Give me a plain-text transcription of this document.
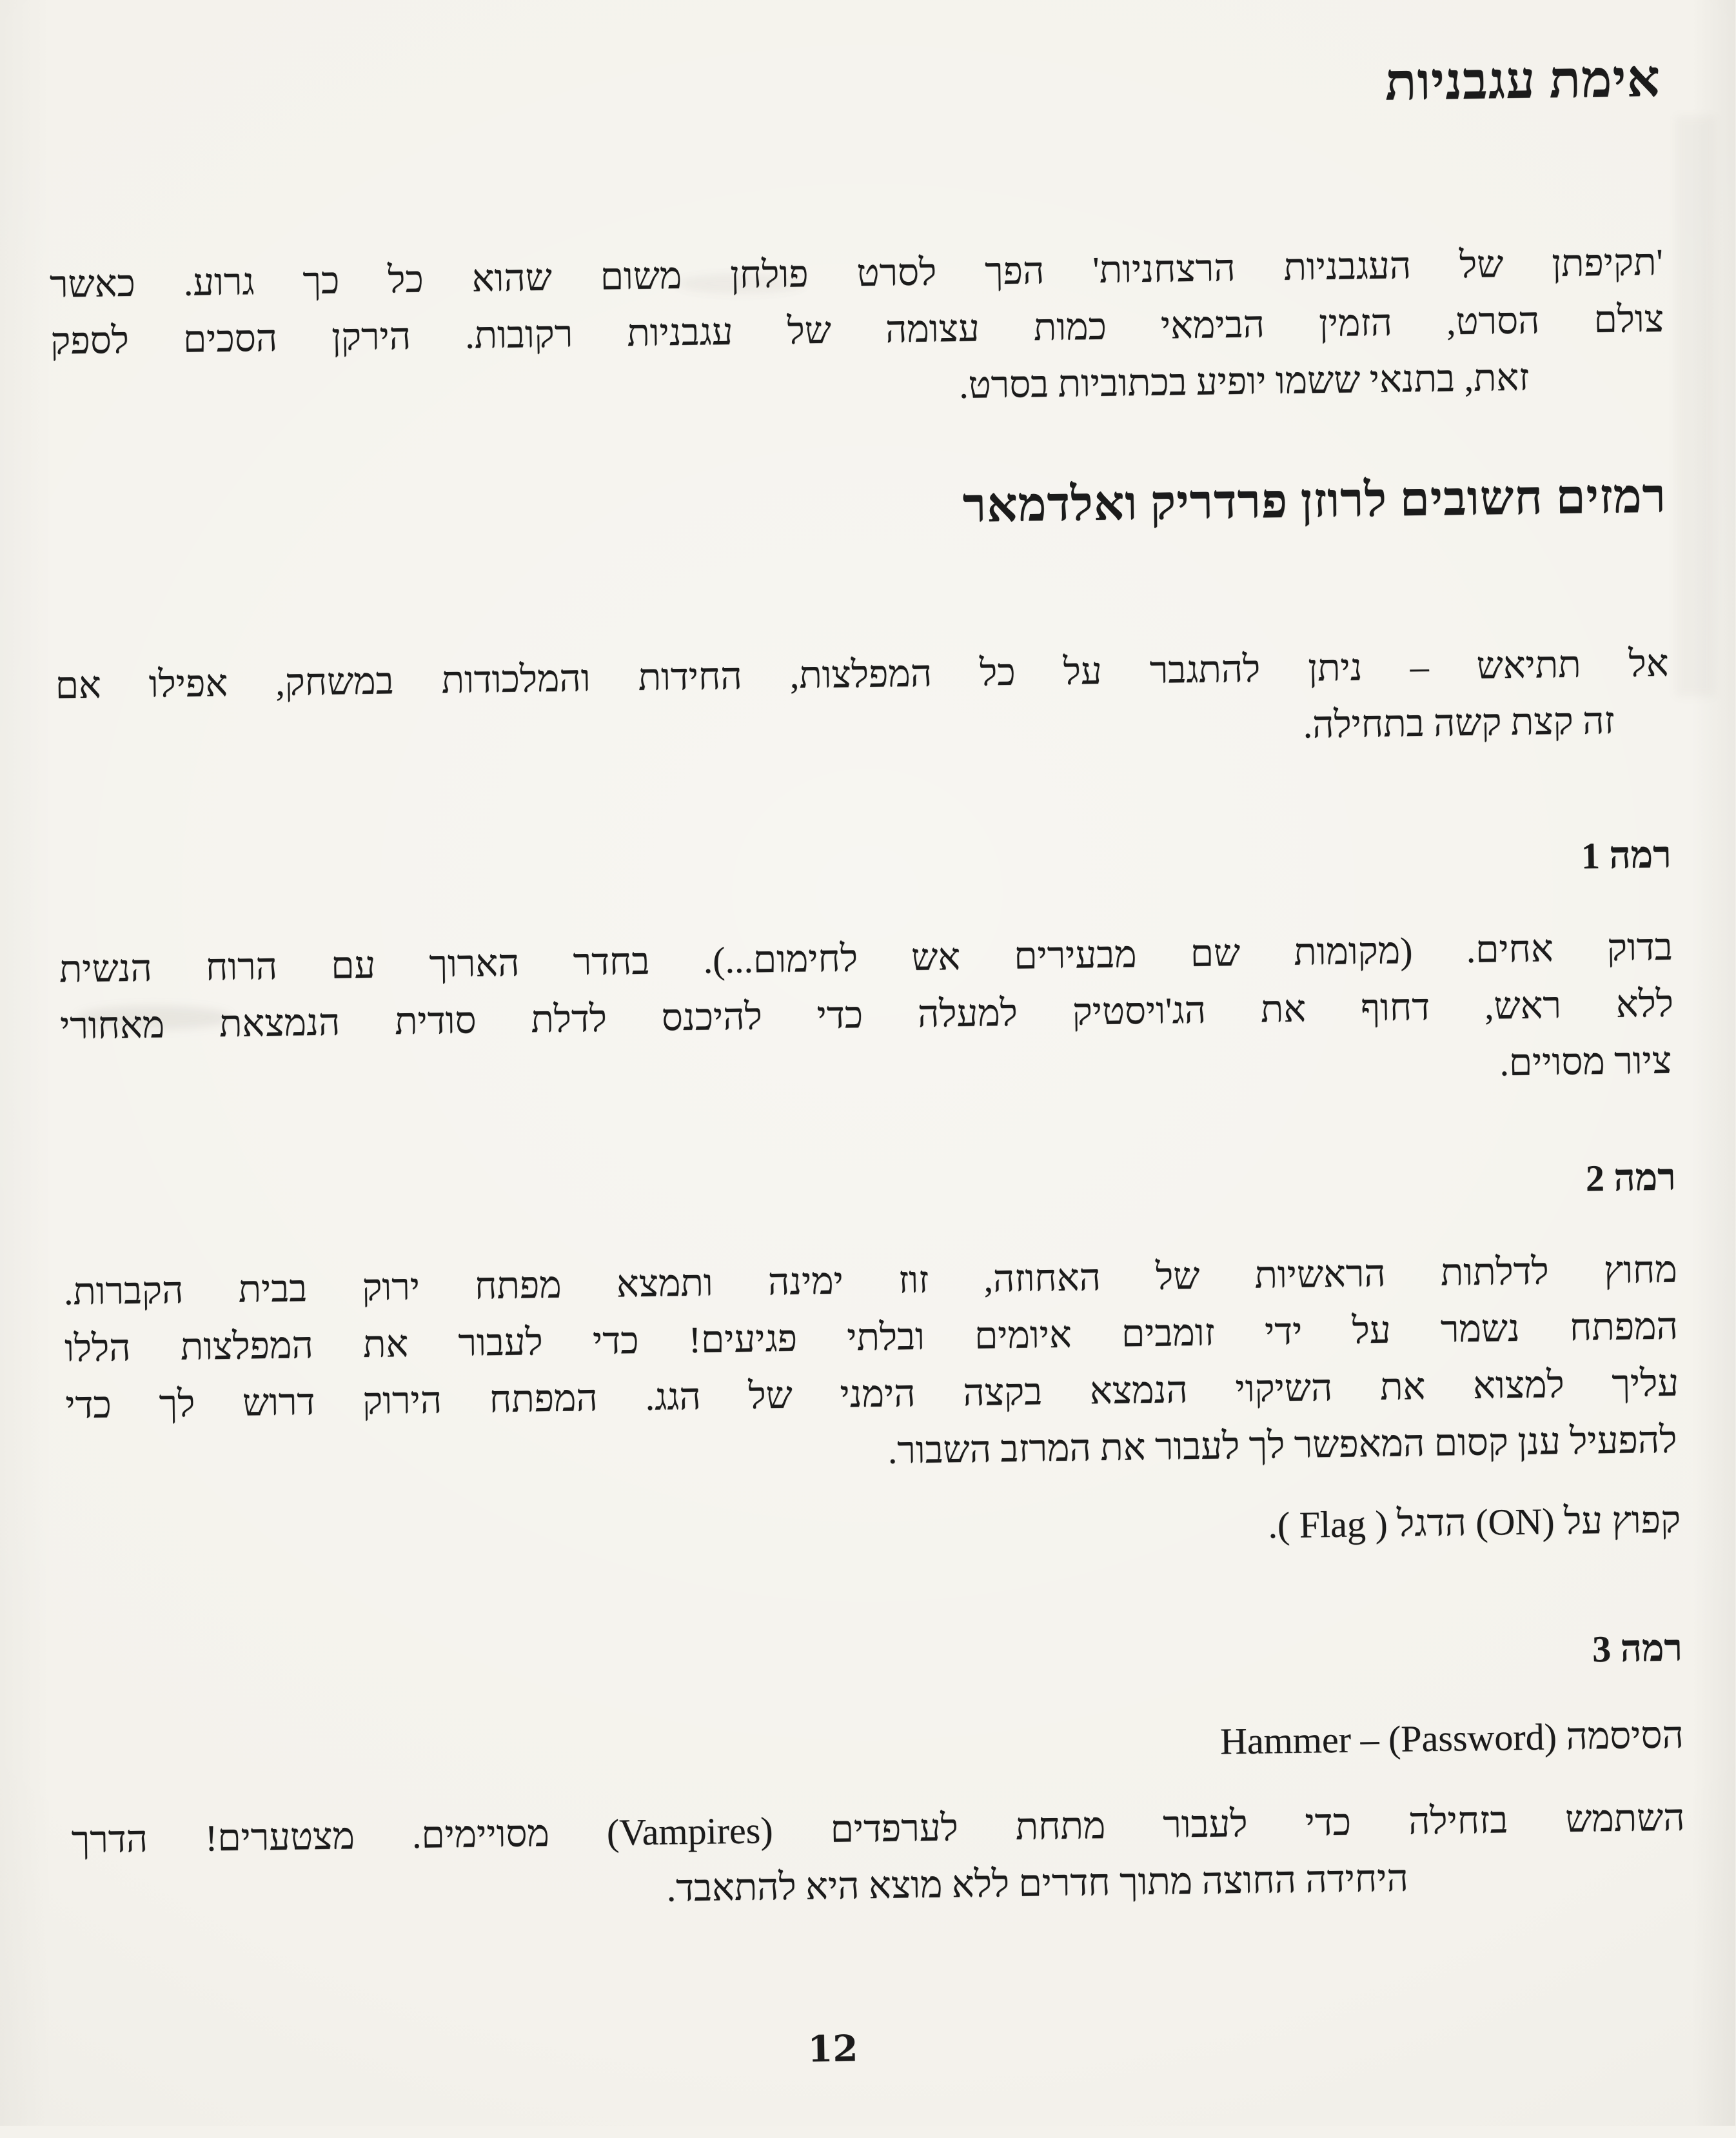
אימת עגבניות
'תקיפתן של העגבניות הרצחניות' הפך לסרט פולחן משום שהוא כל כך גרוע. כאשר
צולם הסרט, הזמין הבימאי כמות עצומה של עגבניות רקובות. הירקן הסכים לספק
זאת, בתנאי ששמו יופיע בכתוביות בסרט.
רמזים חשובים לרוזן פרדריק ואלדמאר
אל תתיאש – ניתן להתגבר על כל המפלצות, החידות והמלכודות במשחק, אפילו אם
זה קצת קשה בתחילה.
רמה 1
בדוק אחים. (מקומות שם מבעירים אש לחימום...). בחדר הארוך עם הרוח הנשית
ללא ראש, דחוף את הג'ויסטיק למעלה כדי להיכנס לדלת סודית הנמצאת מאחורי
ציור מסויים.
רמה 2
מחוץ לדלתות הראשיות של האחוזה, זוז ימינה ותמצא מפתח ירוק בבית הקברות.
המפתח נשמר על ידי זומבים איומים ובלתי פגיעים! כדי לעבור את המפלצות הללו
עליך למצוא את השיקוי הנמצא בקצה הימני של הגג. המפתח הירוק דרוש לך כדי
להפעיל ענן קסום המאפשר לך לעבור את המרזב השבור.
קפוץ על (ON) הדגל ( Flag ).
רמה 3
הסיסמה (Password) – Hammer
השתמש בזחילה כדי לעבור מתחת לערפדים (Vampires) מסויימים. מצטערים! הדרך
היחידה החוצה מתוך חדרים ללא מוצא היא להתאבד.
12
